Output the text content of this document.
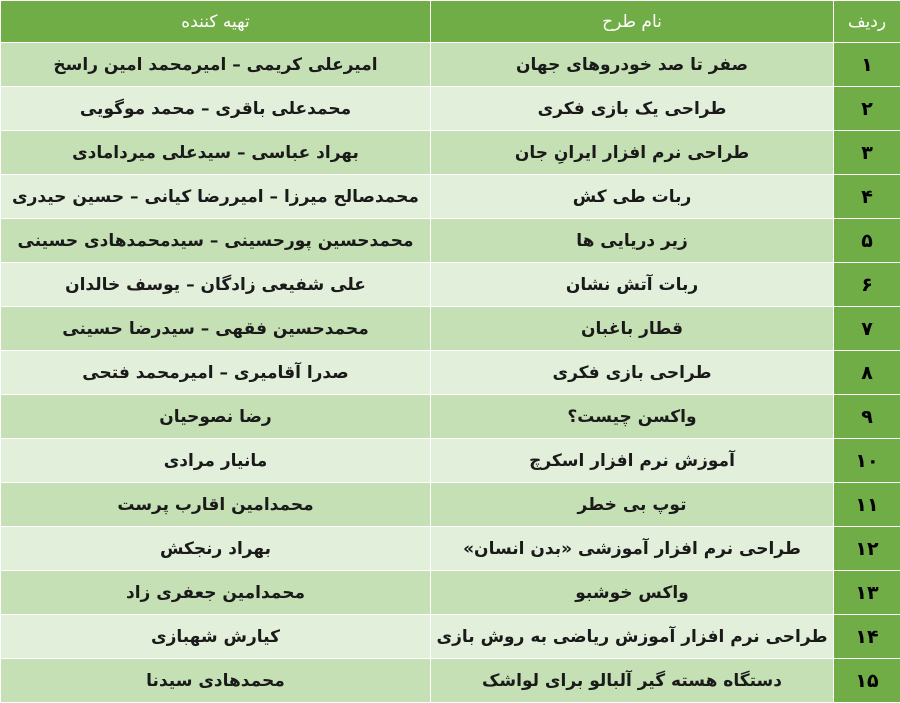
ردیف	نام طرح	تهیه کننده
۱	صفر تا صد خودروهای جهان	امیرعلی کریمی – امیرمحمد امین راسخ
۲	طراحی یک بازی فکری	محمدعلی باقری – محمد موگویی
۳	طراحی نرم افزار ایرانِ جان	بهراد عباسی – سیدعلی میردامادی
۴	ربات طی کش	محمدصالح میرزا – امیررضا کیانی – حسین حیدری
۵	زیر دریایی ها	محمدحسین پورحسینی – سیدمحمدهادی حسینی
۶	ربات آتش نشان	علی شفیعی زادگان – یوسف خالدان
۷	قطار باغبان	محمدحسین فقهی – سیدرضا حسینی
۸	طراحی بازی فکری	صدرا آقامیری – امیرمحمد فتحی
۹	واکسن چیست؟	رضا نصوحیان
۱۰	آموزش نرم افزار اسکرچ	مانیار مرادی
۱۱	توپ بی خطر	محمدامین اقارب پرست
۱۲	طراحی نرم افزار آموزشی «بدن انسان»	بهراد رنجکش
۱۳	واکس خوشبو	محمدامین جعفری زاد
۱۴	طراحی نرم افزار آموزش ریاضی به روش بازی	کیارش شهبازی
۱۵	دستگاه هسته گیر آلبالو برای لواشک	محمدهادی سیدنا
